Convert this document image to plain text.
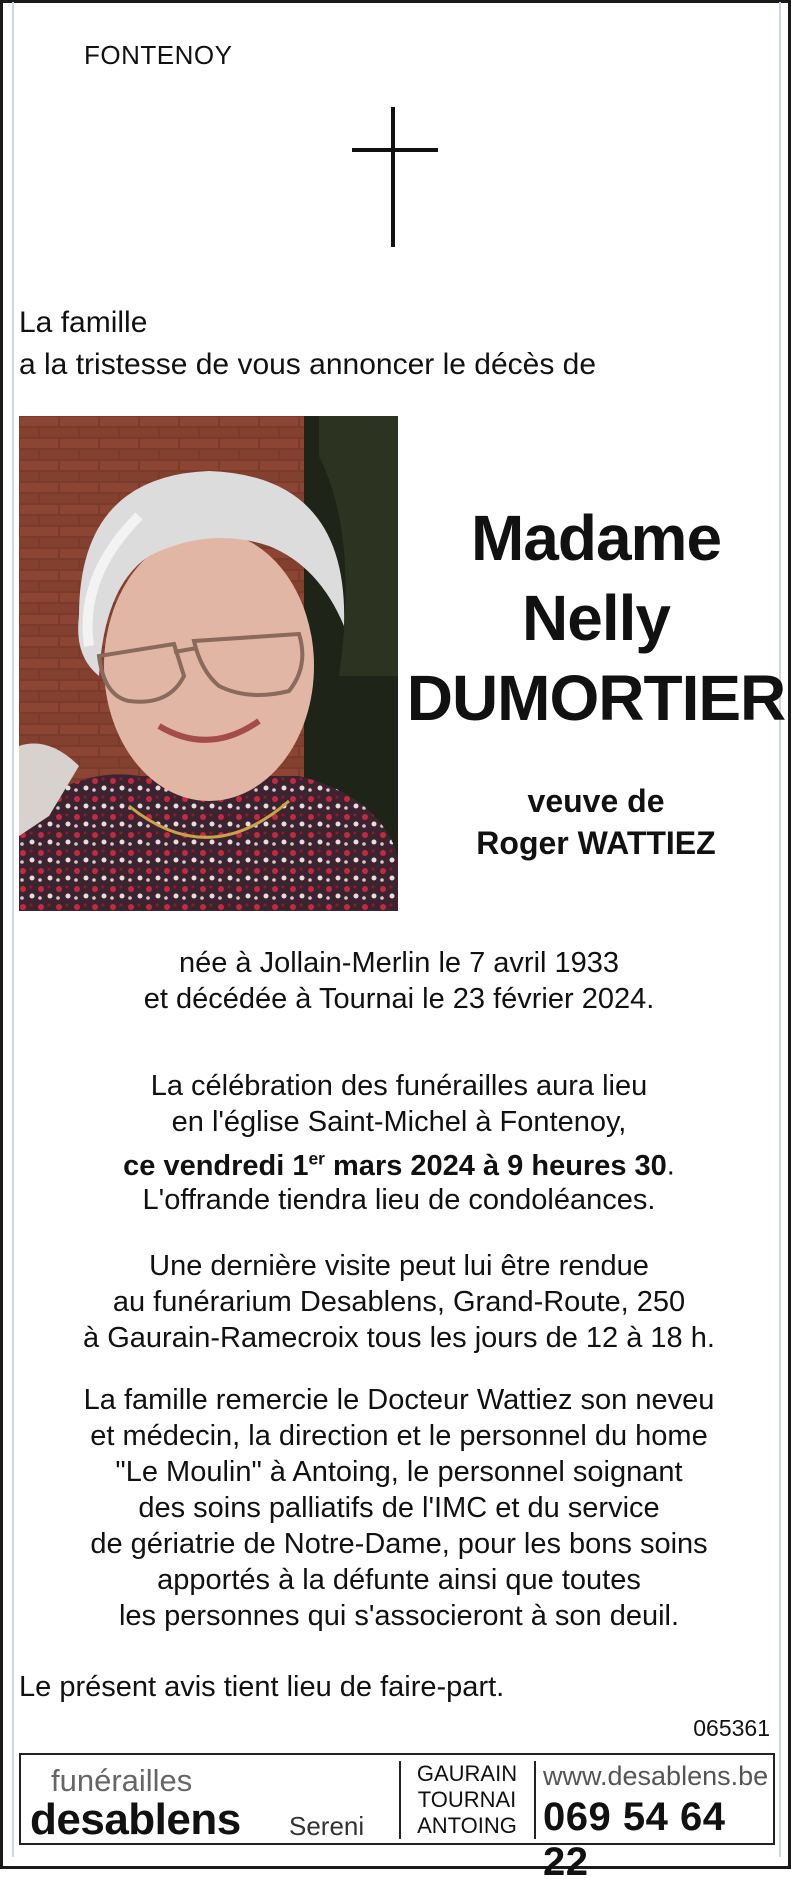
FONTENOY
La famille
a la tristesse de vous annoncer le décès de
Madame
Nelly
DUMORTIER
veuve de
Roger WATTIEZ
née à Jollain-Merlin le 7 avril 1933
et décédée à Tournai le 23 février 2024.
La célébration des funérailles aura lieu
en l'église Saint-Michel à Fontenoy,
ce vendredi 1er mars 2024 à 9 heures 30.
L'offrande tiendra lieu de condoléances.
Une dernière visite peut lui être rendue
au funérarium Desablens, Grand-Route, 250
à Gaurain-Ramecroix tous les jours de 12 à 18 h.
La famille remercie le Docteur Wattiez son neveu
et médecin, la direction et le personnel du home
"Le Moulin" à Antoing, le personnel soignant
des soins palliatifs de l'IMC et du service
de gériatrie de Notre-Dame, pour les bons soins
apportés à la défunte ainsi que toutes
les personnes qui s'associeront à son deuil.
Le présent avis tient lieu de faire-part.
065361
funérailles
desablens Sereni
GAURAIN
TOURNAI
ANTOING
www.desablens.be
069 54 64 22
